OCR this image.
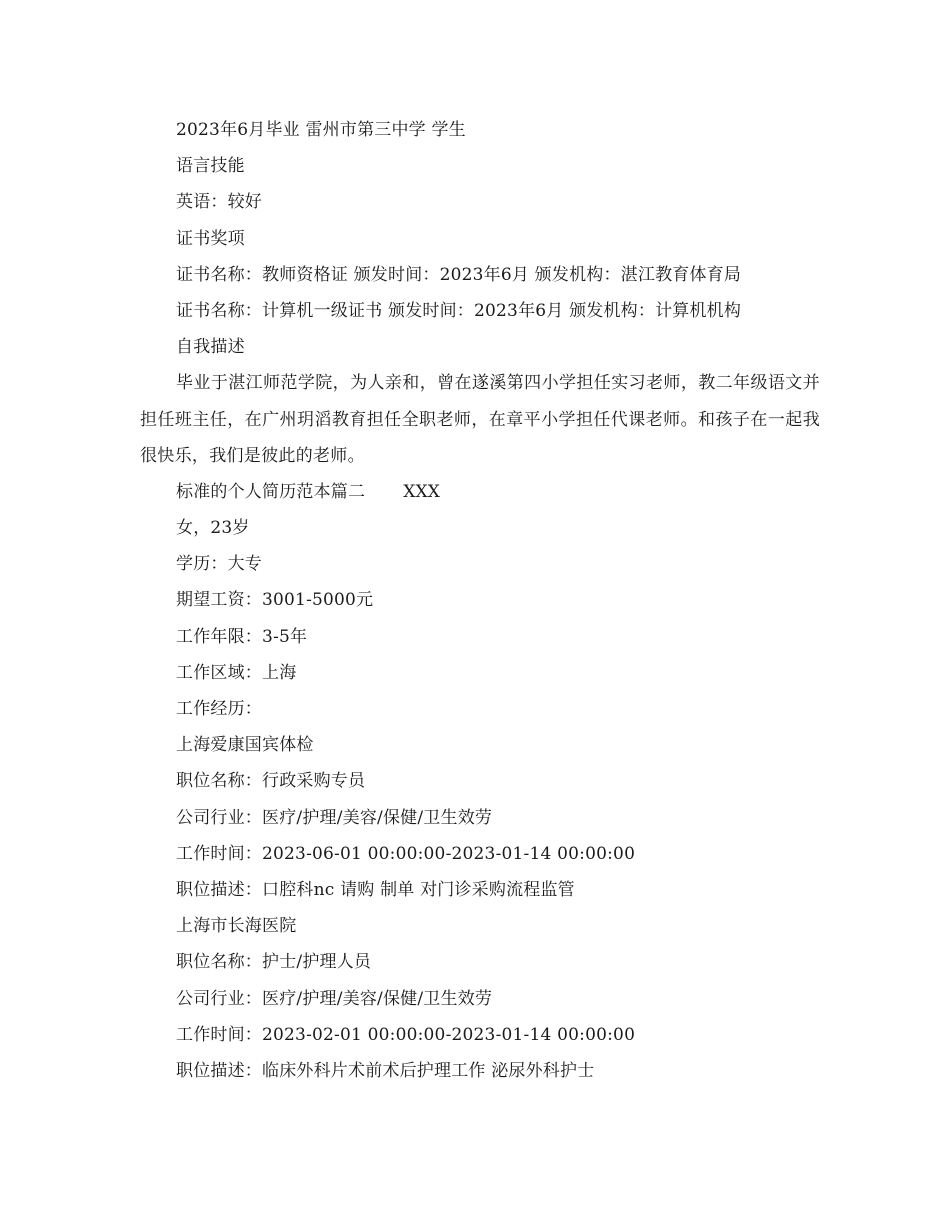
2023年6月毕业 雷州市第三中学 学生
语言技能
英语：较好
证书奖项
证书名称：教师资格证 颁发时间：2023年6月 颁发机构：湛江教育体育局
证书名称：计算机一级证书 颁发时间：2023年6月 颁发机构：计算机机构
自我描述
毕业于湛江师范学院，为人亲和，曾在遂溪第四小学担任实习老师，教二年级语文并担任班主任，在广州玥滔教育担任全职老师，在章平小学担任代课老师。和孩子在一起我很快乐，我们是彼此的老师。
标准的个人简历范本篇二 XXX
女，23岁
学历：大专
期望工资：3001-5000元
工作年限：3-5年
工作区域：上海
工作经历：
上海爱康国宾体检
职位名称：行政采购专员
公司行业：医疗/护理/美容/保健/卫生效劳
工作时间：2023-06-01 00:00:00-2023-01-14 00:00:00
职位描述：口腔科nc 请购 制单 对门诊采购流程监管
上海市长海医院
职位名称：护士/护理人员
公司行业：医疗/护理/美容/保健/卫生效劳
工作时间：2023-02-01 00:00:00-2023-01-14 00:00:00
职位描述：临床外科片术前术后护理工作 泌尿外科护士
